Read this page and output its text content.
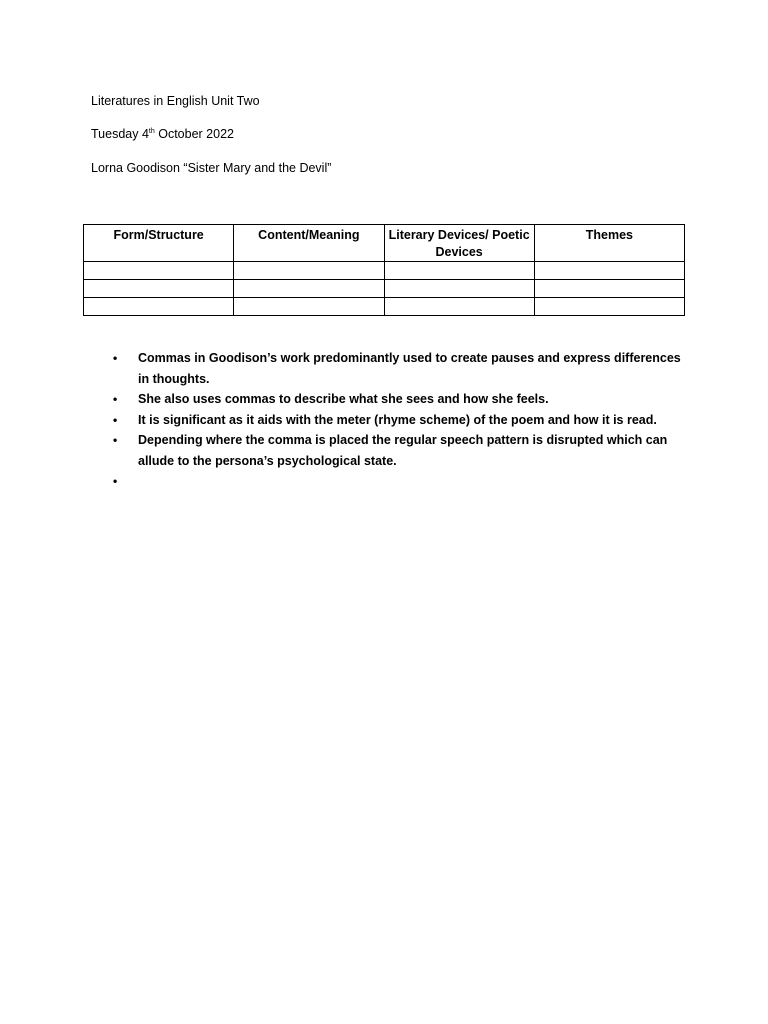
Literatures in English Unit Two
Tuesday 4th October 2022
Lorna Goodison “Sister Mary and the Devil”
Form/Structure	Content/Meaning	Literary Devices/ Poetic Devices	Themes

• Commas in Goodison’s work predominantly used to create pauses and express differences in thoughts.
• She also uses commas to describe what she sees and how she feels.
• It is significant as it aids with the meter (rhyme scheme) of the poem and how it is read.
• Depending where the comma is placed the regular speech pattern is disrupted which can allude to the persona’s psychological state.
•
